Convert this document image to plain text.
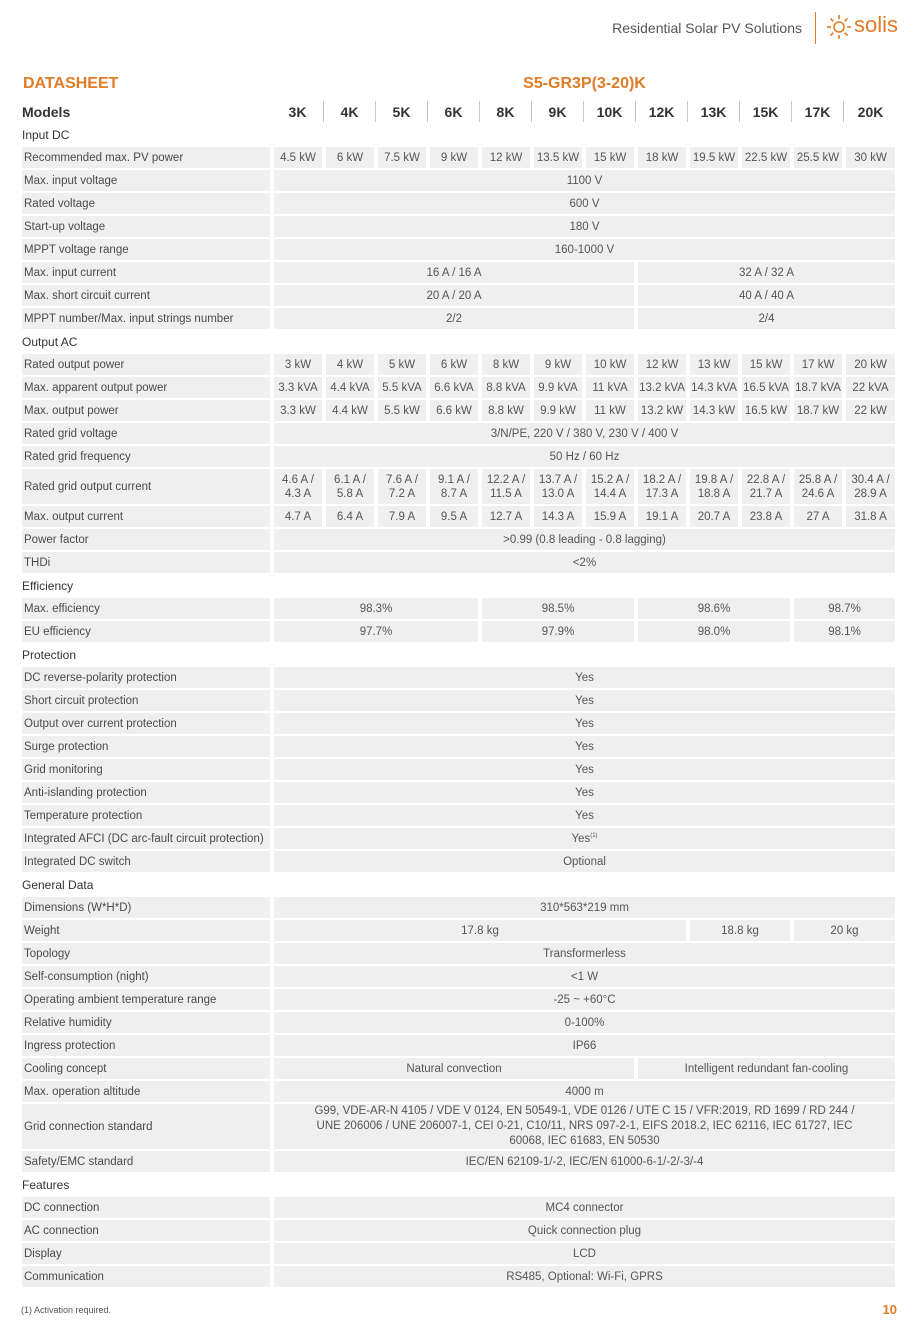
Residential Solar PV Solutions solis
DATASHEET	S5-GR3P(3-20)K
Models	3K	4K	5K	6K	8K	9K	10K	12K	13K	15K	17K	20K
Input DC												
Recommended max. PV power	4.5 kW	6 kW	7.5 kW	9 kW	12 kW	13.5 kW	15 kW	18 kW	19.5 kW	22.5 kW	25.5 kW	30 kW
Max. input voltage	1100 V											
Rated voltage	600 V											
Start-up voltage	180 V											
MPPT voltage range	160-1000 V											
Max. input current	16 A / 16 A							32 A / 32 A				
Max. short circuit current	20 A / 20 A							40 A / 40 A				
MPPT number/Max. input strings number	2/2							2/4				
Output AC												
Rated output power	3 kW	4 kW	5 kW	6 kW	8 kW	9 kW	10 kW	12 kW	13 kW	15 kW	17 kW	20 kW
Max. apparent output power	3.3 kVA	4.4 kVA	5.5 kVA	6.6 kVA	8.8 kVA	9.9 kVA	11 kVA	13.2 kVA	14.3 kVA	16.5 kVA	18.7 kVA	22 kVA
Max. output power	3.3 kW	4.4 kW	5.5 kW	6.6 kW	8.8 kW	9.9 kW	11 kW	13.2 kW	14.3 kW	16.5 kW	18.7 kW	22 kW
Rated grid voltage	3/N/PE, 220 V / 380 V, 230 V / 400 V											
Rated grid frequency	50 Hz / 60 Hz											
Rated grid output current	4.6 A / 4.3 A	6.1 A / 5.8 A	7.6 A / 7.2 A	9.1 A / 8.7 A	12.2 A / 11.5 A	13.7 A / 13.0 A	15.2 A / 14.4 A	18.2 A / 17.3 A	19.8 A / 18.8 A	22.8 A / 21.7 A	25.8 A / 24.6 A	30.4 A / 28.9 A
Max. output current	4.7 A	6.4 A	7.9 A	9.5 A	12.7 A	14.3 A	15.9 A	19.1 A	20.7 A	23.8 A	27 A	31.8 A
Power factor	>0.99 (0.8 leading - 0.8 lagging)											
THDi	<2%											
Efficiency												
Max. efficiency	98.3%				98.5%			98.6%			98.7%	
EU efficiency	97.7%				97.9%			98.0%			98.1%	
Protection												
DC reverse-polarity protection	Yes											
Short circuit protection	Yes											
Output over current protection	Yes											
Surge protection	Yes											
Grid monitoring	Yes											
Anti-islanding protection	Yes											
Temperature protection	Yes											
Integrated AFCI (DC arc-fault circuit protection)	Yes$^{(1)}$
Integrated DC switch	Optional											
General Data												
Dimensions (W*H*D)	310*563*219 mm											
Weight	17.8 kg								18.8 kg		20 kg	
Topology	Transformerless											
Self-consumption (night)	<1 W											
Operating ambient temperature range	-25 ~ +60°C											
Relative humidity	0-100%											
Ingress protection	IP66											
Cooling concept	Natural convection							Intelligent redundant fan-cooling				
Max. operation altitude	4000 m											
Grid connection standard	G99, VDE-AR-N 4105 / VDE V 0124, EN 50549-1, VDE 0126 / UTE C 15 / VFR:2019, RD 1699 / RD 244 / UNE 206006 / UNE 206007-1, CEI 0-21, C10/11, NRS 097-2-1, EIFS 2018.2, IEC 62116, IEC 61727, IEC 60068, IEC 61683, EN 50530											
Safety/EMC standard	IEC/EN 62109-1/-2, IEC/EN 61000-6-1/-2/-3/-4											
Features												
DC connection	MC4 connector											
AC connection	Quick connection plug											
Display	LCD											
Communication	RS485, Optional: Wi-Fi, GPRS											
(1) Activation required.	10
